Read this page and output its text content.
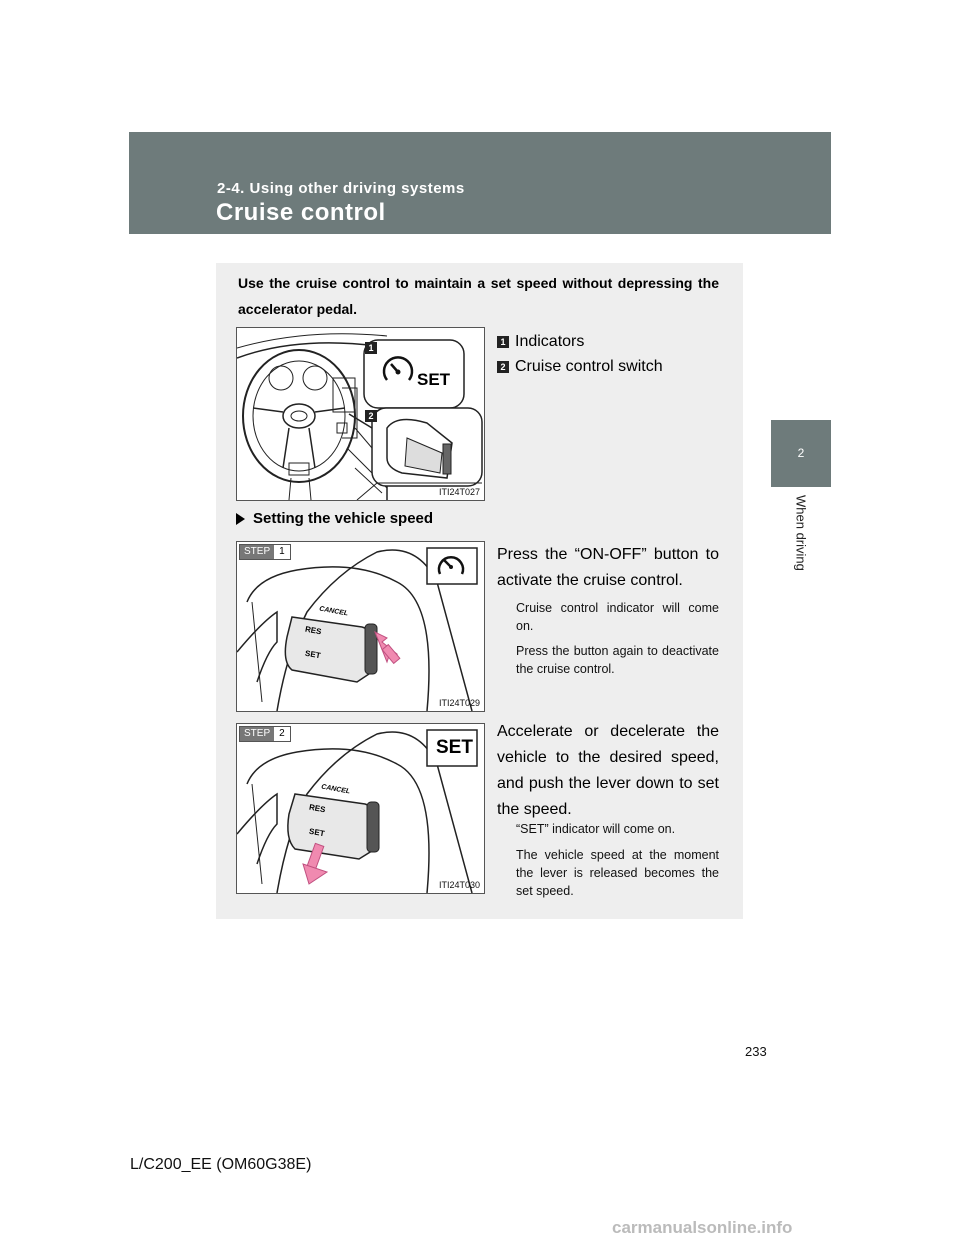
2-4. Using other driving systems
Cruise control
2
When driving
Use the cruise control to maintain a set speed without depressing the accelerator pedal.
1
2
SET
ITI24T027
1 Indicators
2 Cruise control switch
Setting the vehicle speed
CANCEL
RES
SET
STEP 1
ITI24T029
Press the “ON-OFF” button to activate the cruise control.
Cruise control indicator will come on.
Press the button again to deactivate the cruise control.
SET
CANCEL
RES
SET
STEP 2
ITI24T030
Accelerate or decelerate the vehicle to the desired speed, and push the lever down to set the speed.
“SET” indicator will come on.
The vehicle speed at the moment the lever is released becomes the set speed.
233
L/C200_EE (OM60G38E)
carmanualsonline.info
